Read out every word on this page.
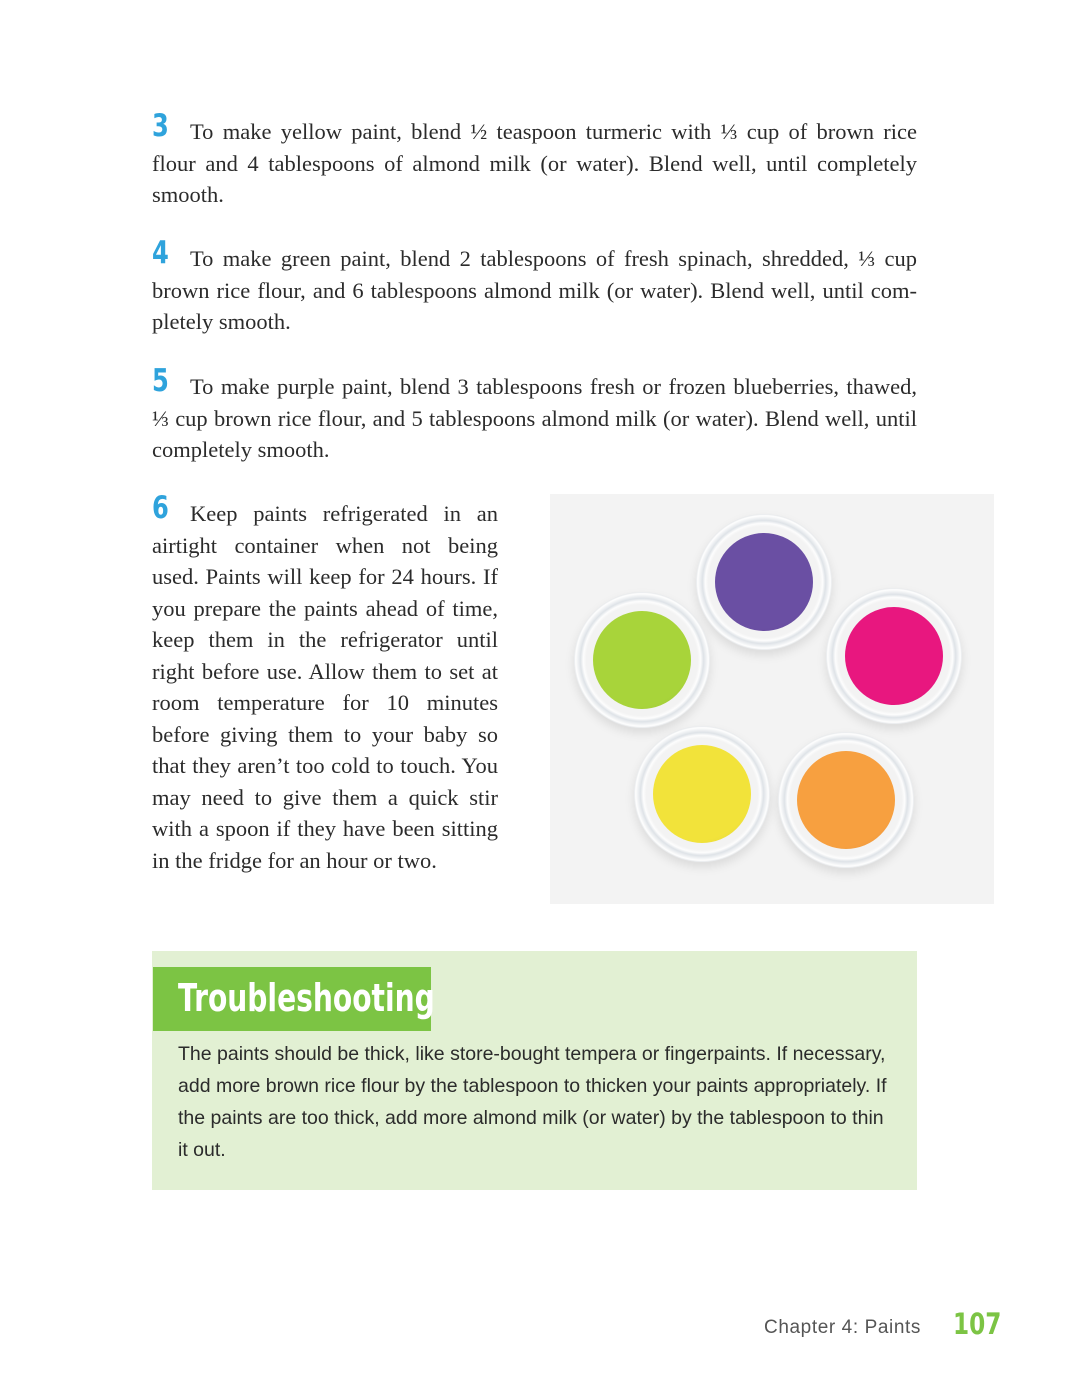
3 To make yellow paint, blend ½ teaspoon turmeric with ⅓ cup of brown rice flour and 4 tablespoons of almond milk (or water). Blend well, until completely smooth.

4 To make green paint, blend 2 tablespoons of fresh spinach, shredded, ⅓ cup brown rice flour, and 6 tablespoons almond milk (or water). Blend well, until completely smooth.

5 To make purple paint, blend 3 tablespoons fresh or frozen blueberries, thawed, ⅓ cup brown rice flour, and 5 tablespoons almond milk (or water). Blend well, until completely smooth.

6 Keep paints refrigerated in an airtight container when not being used. Paints will keep for 24 hours. If you prepare the paints ahead of time, keep them in the refrigerator until right before use. Allow them to set at room temperature for 10 minutes before giving them to your baby so that they aren’t too cold to touch. You may need to give them a quick stir with a spoon if they have been sitting in the fridge for an hour or two.

Troubleshooting

The paints should be thick, like store-bought tempera or fingerpaints. If necessary, add more brown rice flour by the tablespoon to thicken your paints appropriately. If the paints are too thick, add more almond milk (or water) by the tablespoon to thin it out.

Chapter 4: Paints 107
